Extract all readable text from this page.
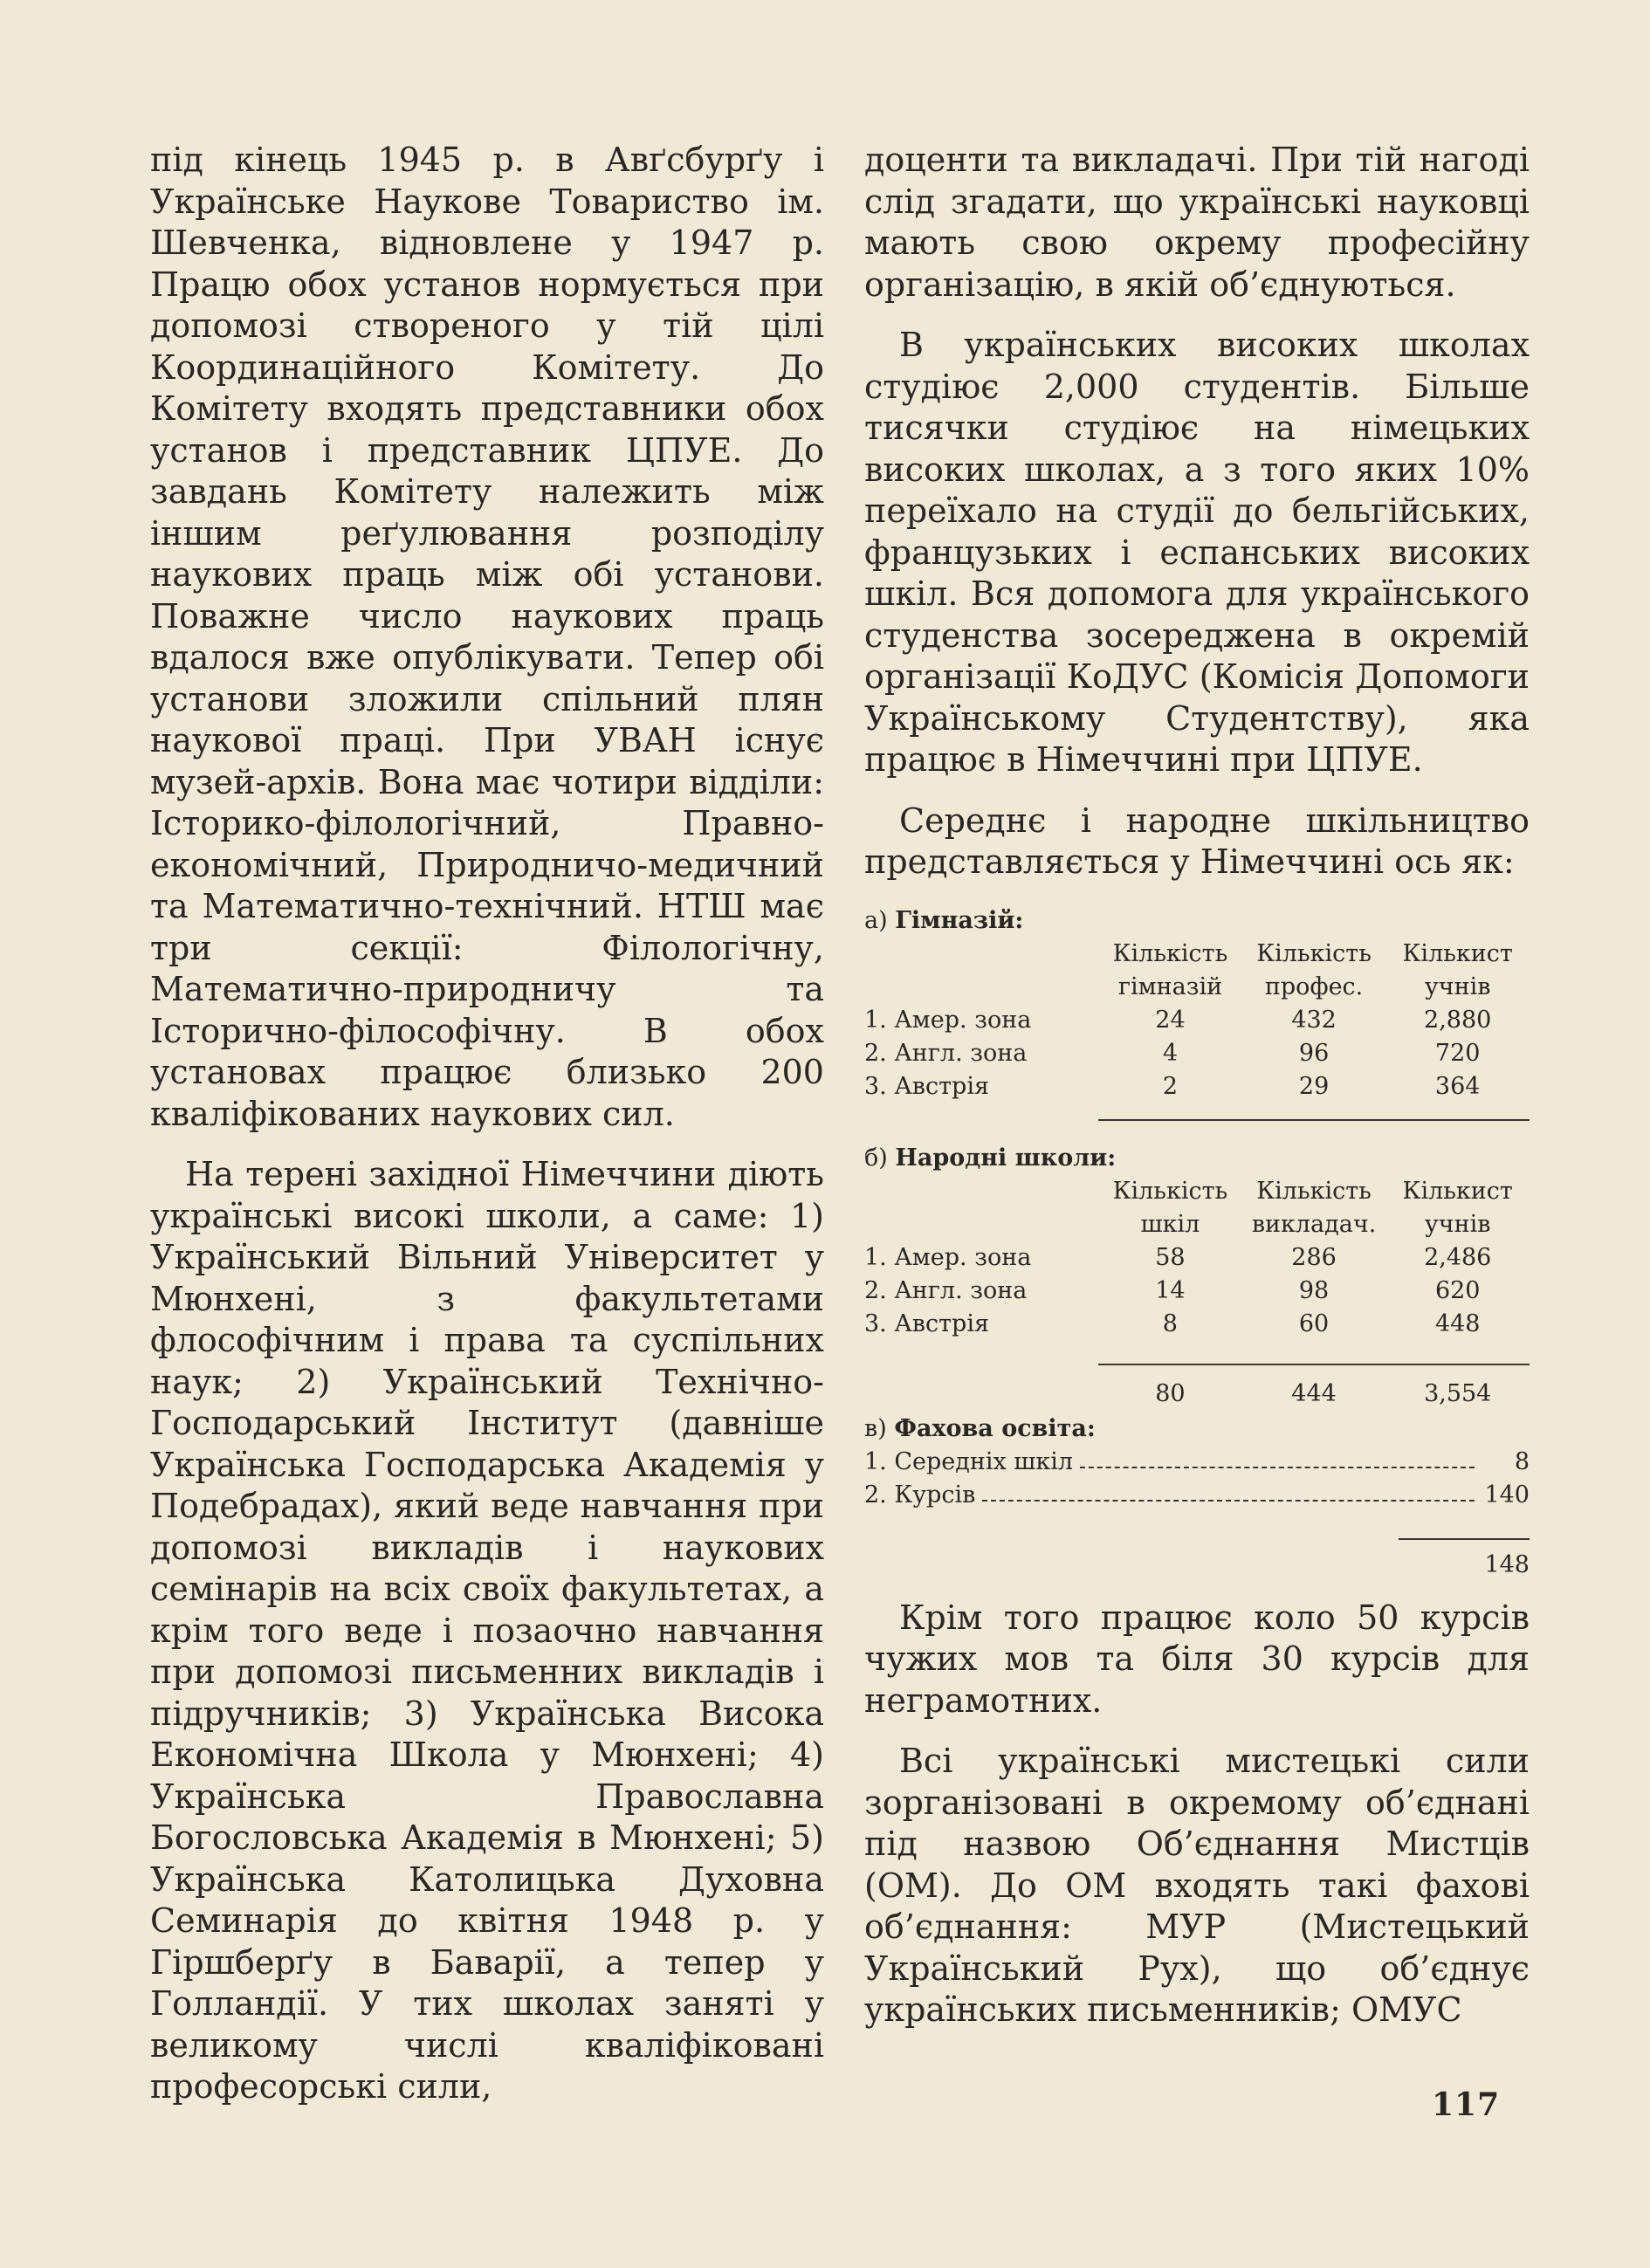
під кінець 1945 р. в Авґсбурґу і Українське Наукове Товариство ім. Шевченка, відновлене у 1947 р. Працю обох установ нормується при допомозі створеного у тій цілі Координаційного Комітету. До Комітету входять представники обох установ і представник ЦПУЕ. До завдань Комітету належить між іншим реґулювання розподілу наукових праць між обі установи. Поважне число наукових праць вдалося вже опублікувати. Тепер обі установи зложили спільний плян наукової праці. При УВАН існує музей-архів. Вона має чотири відділи: Історико-філологічний, Правно-економічний, Природничо-медичний та Математично-технічний. НТШ має три секції: Філологічну, Математично-природничу та Історично-філософічну. В обох установах працює близько 200 кваліфікованих наукових сил.

На терені західної Німеччини діють українські високі школи, а саме: 1) Український Вільний Університет у Мюнхені, з факультетами флософічним і права та суспільних наук; 2) Український Технічно-Господарський Інститут (давніше Українська Господарська Академія у Подебрадах), який веде навчання при допомозі викладів і наукових семінарів на всіх своїх факультетах, а крім того веде і позаочно навчання при допомозі письменних викладів і підручників; 3) Українська Висока Економічна Школа у Мюнхені; 4) Українська Православна Богословська Академія в Мюнхені; 5) Українська Католицька Духовна Семинарія до квітня 1948 р. у Гіршберґу в Баварії, а тепер у Голландії. У тих школах заняті у великому числі кваліфіковані професорські сили,

доценти та викладачі. При тій нагоді слід згадати, що українські науковці мають свою окрему професійну організацію, в якій об’єднуються.

В українських високих школах студіює 2,000 студентів. Більше тисячки студіює на німецьких високих школах, а з того яких 10% переїхало на студії до бельгійських, французьких і еспанських високих шкіл. Вся допомога для українського студенства зосереджена в окремій організації КоДУС (Комісія Допомоги Українському Студентству), яка працює в Німеччині при ЦПУЕ.

Середнє і народне шкільництво представляється у Німеччині ось як:

а) Гімназій:
	Кількість	Кількість	Кількист
	гімназій	профес.	учнів
1. Амер. зона	24	432	2,880
2. Англ. зона	4	96	720
3. Австрія	2	29	364

б) Народні школи:
	Кількість	Кількість	Кількист
	шкіл	викладач.	учнів
1. Амер. зона	58	286	2,486
2. Англ. зона	14	98	620
3. Австрія	8	60	448

	80	444	3,554
в) Фахова освіта:
1. Середніх шкіл	8
2. Курсів	140
148

Крім того працює коло 50 курсів чужих мов та біля 30 курсів для неграмотних.

Всі українські мистецькі сили зорганізовані в окремому об’єднані під назвою Об’єднання Мистців (ОМ). До ОМ входять такі фахові об’єднання: МУР (Мистецький Український Рух), що об’єднує українських письменників; ОМУС

117
